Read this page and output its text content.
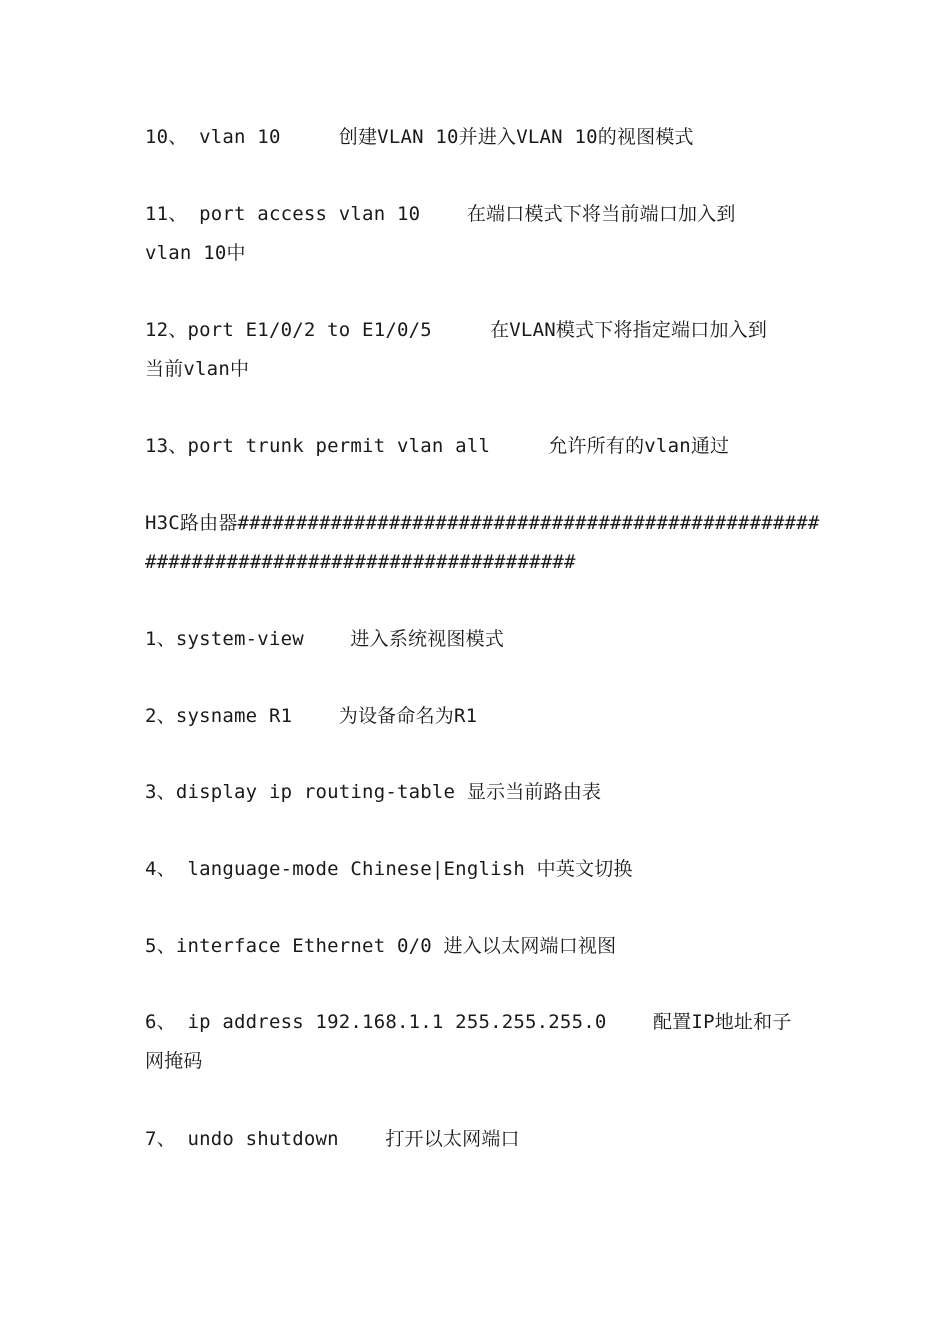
10、 vlan 10     创建VLAN 10并进入VLAN 10的视图模式
11、 port access vlan 10    在端口模式下将当前端口加入到
vlan 10中
12、port E1/0/2 to E1/0/5     在VLAN模式下将指定端口加入到
当前vlan中
13、port trunk permit vlan all     允许所有的vlan通过
H3C路由器##################################################
#####################################
1、system-view    进入系统视图模式
2、sysname R1    为设备命名为R1
3、display ip routing-table 显示当前路由表
4、 language-mode Chinese|English 中英文切换
5、interface Ethernet 0/0 进入以太网端口视图
6、 ip address 192.168.1.1 255.255.255.0    配置IP地址和子
网掩码
7、 undo shutdown    打开以太网端口
